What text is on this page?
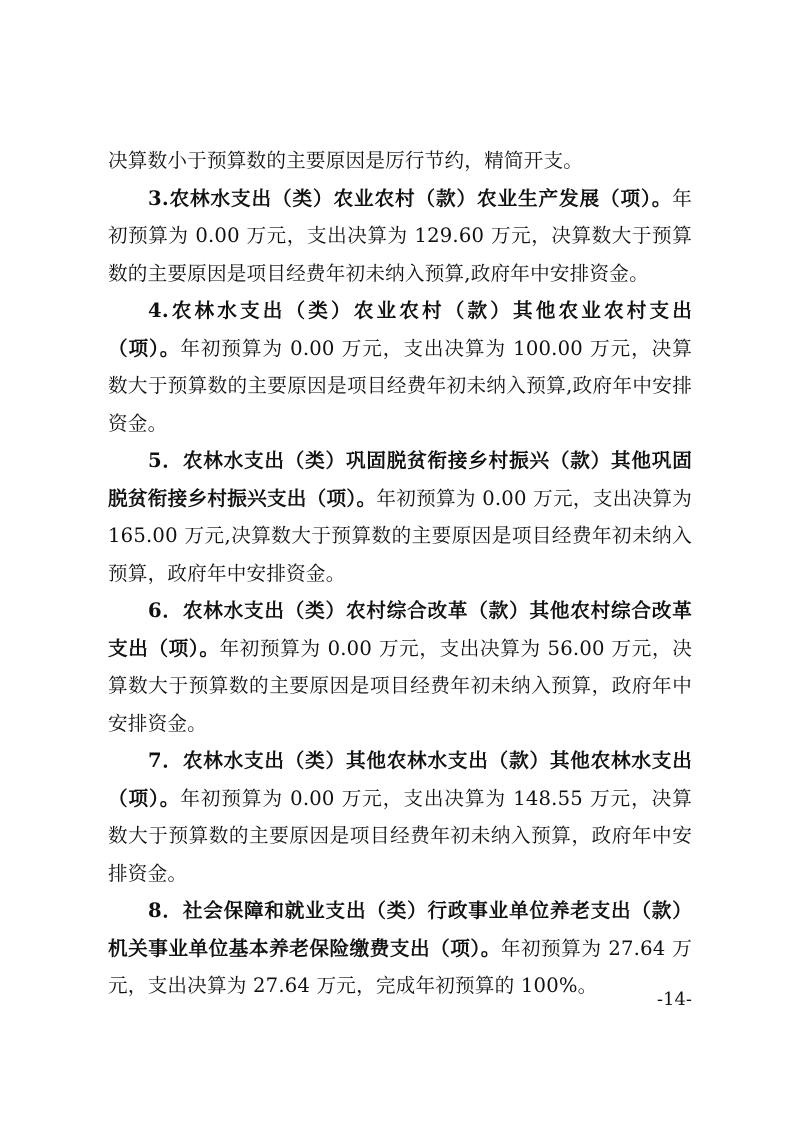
决算数小于预算数的主要原因是厉行节约，精简开支。

3.农林水支出（类）农业农村（款）农业生产发展（项）。年初预算为 0.00 万元，支出决算为 129.60 万元，决算数大于预算数的主要原因是项目经费年初未纳入预算,政府年中安排资金。

4.农林水支出（类）农业农村（款）其他农业农村支出（项）。年初预算为 0.00 万元，支出决算为 100.00 万元，决算数大于预算数的主要原因是项目经费年初未纳入预算,政府年中安排资金。

5．农林水支出（类）巩固脱贫衔接乡村振兴（款）其他巩固脱贫衔接乡村振兴支出（项）。年初预算为 0.00 万元，支出决算为 165.00 万元,决算数大于预算数的主要原因是项目经费年初未纳入预算，政府年中安排资金。

6．农林水支出（类）农村综合改革（款）其他农村综合改革支出（项）。年初预算为 0.00 万元，支出决算为 56.00 万元，决算数大于预算数的主要原因是项目经费年初未纳入预算，政府年中安排资金。

7．农林水支出（类）其他农林水支出（款）其他农林水支出（项）。年初预算为 0.00 万元，支出决算为 148.55 万元，决算数大于预算数的主要原因是项目经费年初未纳入预算，政府年中安排资金。

8．社会保障和就业支出（类）行政事业单位养老支出（款）机关事业单位基本养老保险缴费支出（项）。年初预算为 27.64 万元，支出决算为 27.64 万元，完成年初预算的 100%。

-14-
